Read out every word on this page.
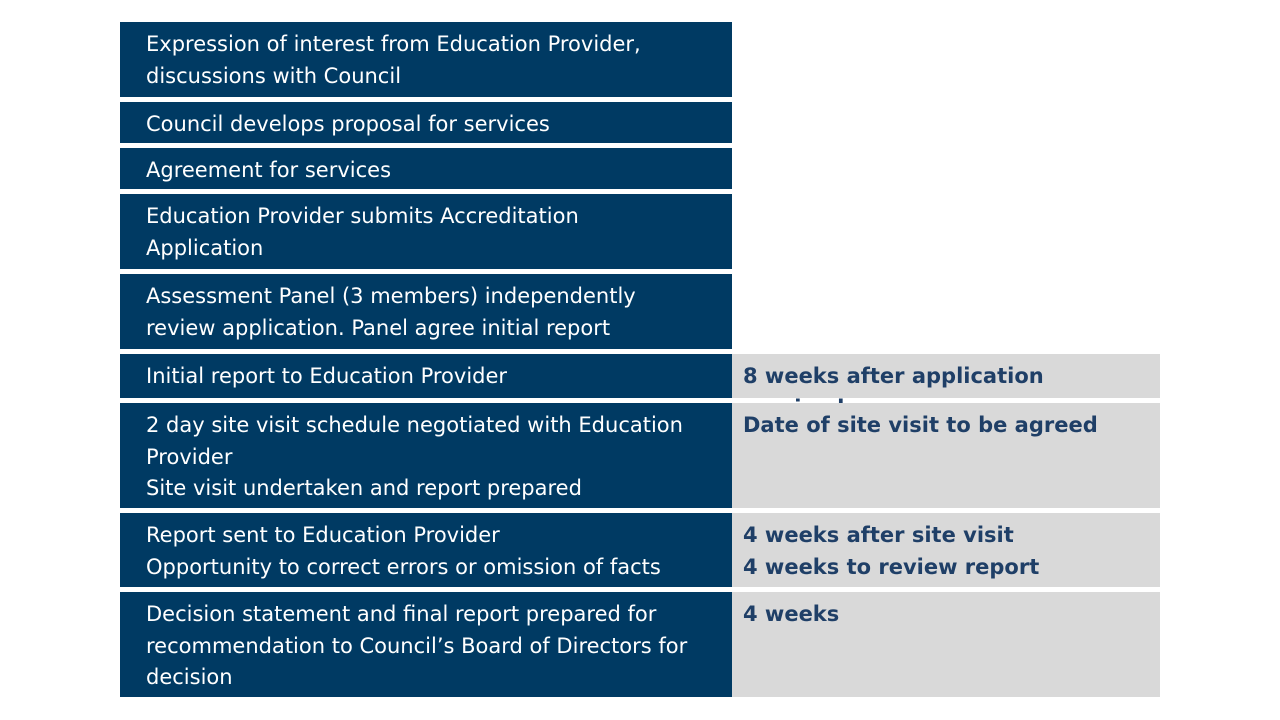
Expression of interest from Education Provider,
discussions with Council
Council develops proposal for services
Agreement for services
Education Provider submits Accreditation
Application
Assessment Panel (3 members) independently
review application. Panel agree initial report
Initial report to Education Provider	8 weeks after application
2 day site visit schedule negotiated with Education
Provider
Site visit undertaken and report prepared
Date of site visit to be agreed
Report sent to Education Provider
Opportunity to correct errors or omission of facts
4 weeks after site visit
4 weeks to review report
Decision statement and final report prepared for
recommendation to Council’s Board of Directors for
decision
4 weeks
